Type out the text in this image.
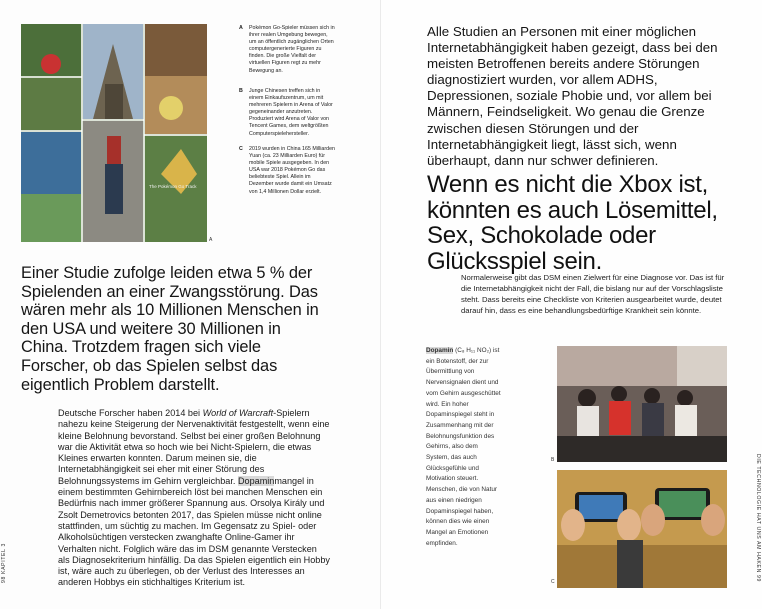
The Pokémon Go Track
A
A Pokémon Go-Spieler müssen sich in ihrer realen Umgebung bewegen, um an öffentlich zugänglichen Orten computergenerierte Figuren zu finden. Die große Vielfalt der virtuellen Figuren regt zu mehr Bewegung an.
B Junge Chinesen treffen sich in einem Einkaufszentrum, um mit mehreren Spielern in Arena of Valor gegeneinander anzutreten. Produziert wird Arena of Valor von Tencent Games, dem weltgrößten Computerspielehersteller.
C 2019 wurden in China 165 Milliarden Yuan (ca. 23 Milliarden Euro) für mobile Spiele ausgegeben. In den USA war 2018 Pokémon Go das beliebteste Spiel. Allein im Dezember wurde damit ein Umsatz von 1,4 Millionen Dollar erzielt.
Einer Studie zufolge leiden etwa 5 % der Spielenden an einer Zwangsstörung. Das wären mehr als 10 Millionen Menschen in den USA und weitere 30 Millionen in China. Trotzdem fragen sich viele Forscher, ob das Spielen selbst das eigentlich Problem darstellt.
Deutsche Forscher haben 2014 bei World of Warcraft-Spielern nahezu keine Steigerung der Nervenaktivität festgestellt, wenn eine kleine Belohnung bevorstand. Selbst bei einer großen Belohnung war die Aktivität etwa so hoch wie bei Nicht-Spielern, die etwas Kleines erwarten konnten. Darum meinen sie, die Internetabhängigkeit sei eher mit einer Störung des Belohnungssystems im Gehirn vergleichbar. Dopaminmangel in einem bestimmten Gehirnbereich löst bei manchen Menschen ein Bedürfnis nach immer größerer Spannung aus. Orsolya Király und Zsolt Demetrovics betonten 2017, das Spielen müsse nicht online stattfinden, um süchtig zu machen. Im Gegensatz zu Spiel- oder Alkoholsüchtigen verstecken zwanghafte Online-Gamer ihr Verhalten nicht. Folglich wäre das im DSM genannte Verstecken als Diagnosekriterium hinfällig. Da das Spielen eigentlich ein Hobby ist, wäre auch zu überlegen, ob der Verlust des Interesses an anderen Hobbys ein stichhaltiges Kriterium ist.
98 KAPITEL 3
Alle Studien an Personen mit einer möglichen Internetabhängigkeit haben gezeigt, dass bei den meisten Betroffenen bereits andere Störungen diagnostiziert wurden, vor allem ADHS, Depressionen, soziale Phobie und, vor allem bei Männern, Feindseligkeit. Wo genau die Grenze zwischen diesen Störungen und der Internetabhängigkeit liegt, lässt sich, wenn überhaupt, dann nur schwer definieren.
Wenn es nicht die Xbox ist, könnten es auch Lösemittel, Sex, Schokolade oder Glücksspiel sein.
Normalerweise gibt das DSM einen Zielwert für eine Diagnose vor. Das ist für die Internetabhängigkeit nicht der Fall, die bislang nur auf der Vorschlagsliste steht. Dass bereits eine Checkliste von Kriterien ausgearbeitet wurde, deutet darauf hin, dass es eine behandlungsbedürftige Krankheit sein könnte.
Dopamin (C₈ H₁₁ NO₂) ist ein Botenstoff, der zur Übermittlung von Nervensignalen dient und vom Gehirn ausgeschüttet wird. Ein hoher Dopaminspiegel steht in Zusammenhang mit der Belohnungsfunktion des Gehirns, also dem System, das auch Glücksgefühle und Motivation steuert. Menschen, die von Natur aus einen niedrigen Dopaminspiegel haben, können dies wie einen Mangel an Emotionen empfinden.
B
C
DIE TECHNOLOGIE HAT UNS AM HAKEN 99
